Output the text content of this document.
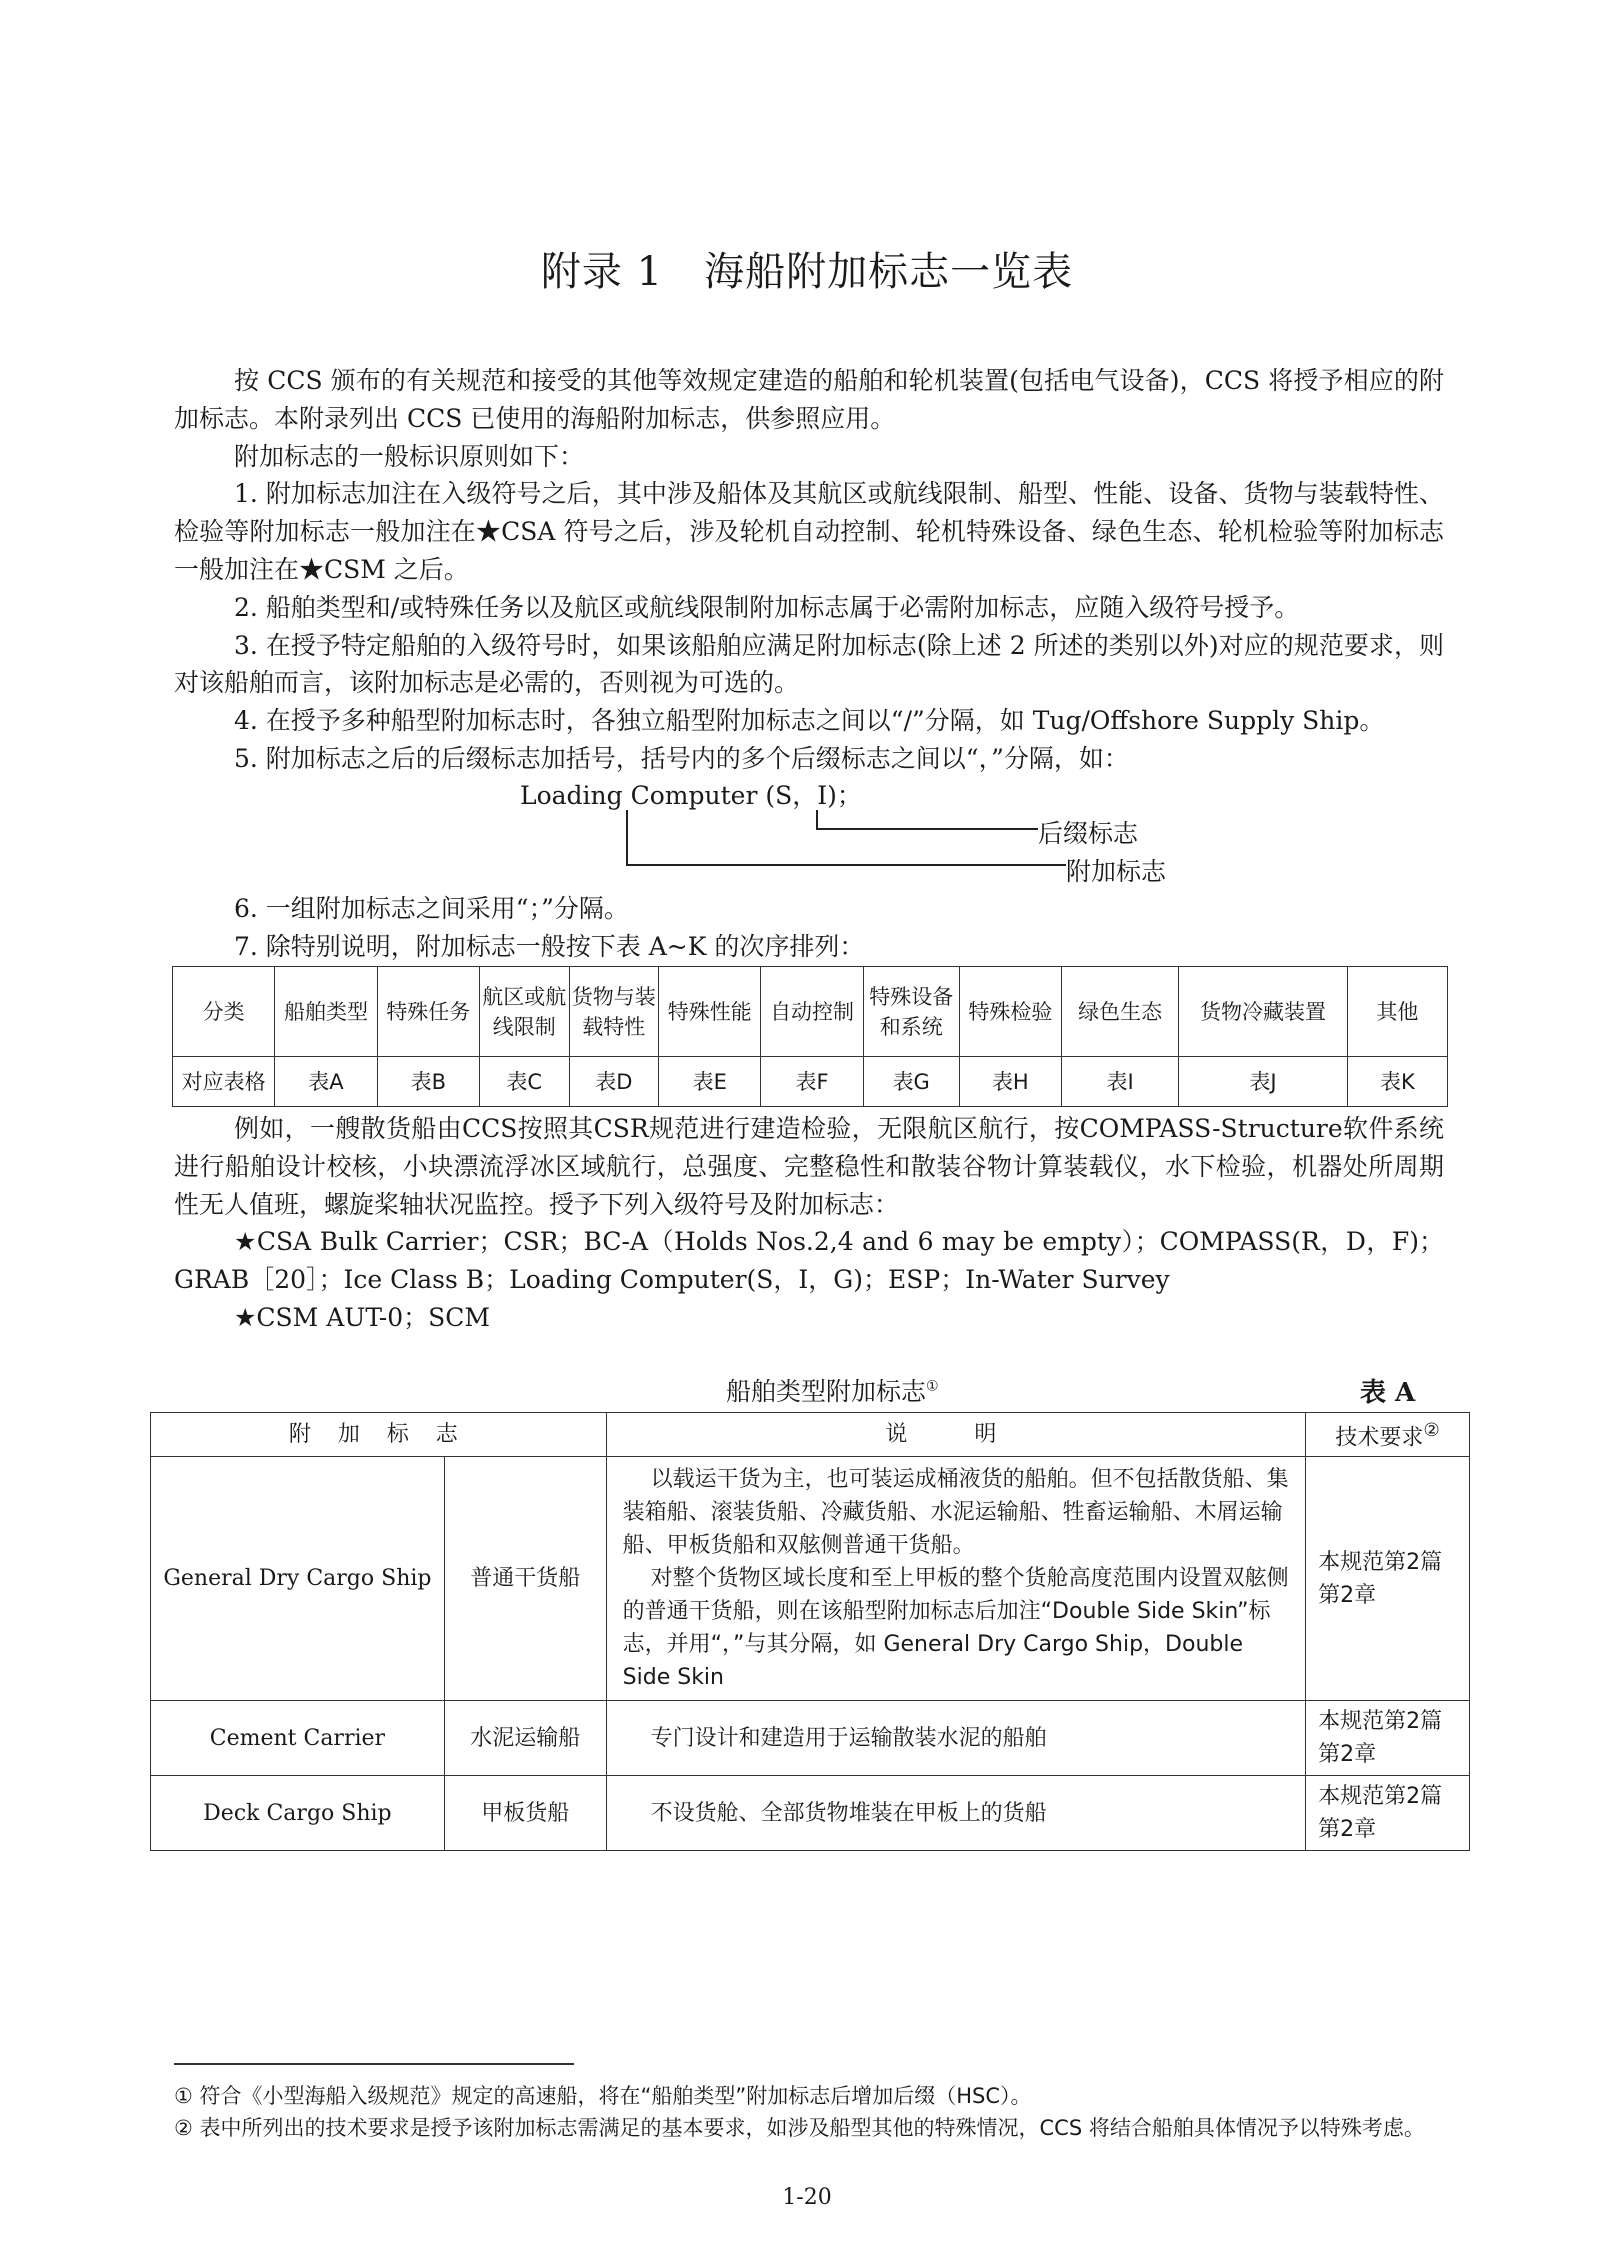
附录 1　海船附加标志一览表

按 CCS 颁布的有关规范和接受的其他等效规定建造的船舶和轮机装置(包括电气设备)，CCS 将授予相应的附加标志。本附录列出 CCS 已使用的海船附加标志，供参照应用。

附加标志的一般标识原则如下：

1. 附加标志加注在入级符号之后，其中涉及船体及其航区或航线限制、船型、性能、设备、货物与装载特性、检验等附加标志一般加注在★CSA 符号之后，涉及轮机自动控制、轮机特殊设备、绿色生态、轮机检验等附加标志一般加注在★CSM 之后。

2. 船舶类型和/或特殊任务以及航区或航线限制附加标志属于必需附加标志，应随入级符号授予。

3. 在授予特定船舶的入级符号时，如果该船舶应满足附加标志(除上述 2 所述的类别以外)对应的规范要求，则对该船舶而言，该附加标志是必需的，否则视为可选的。

4. 在授予多种船型附加标志时，各独立船型附加标志之间以“/”分隔，如 Tug/Offshore Supply Ship。

5. 附加标志之后的后缀标志加括号，括号内的多个后缀标志之间以“，”分隔，如：

Loading Computer (S，I)；
后缀标志
附加标志

6. 一组附加标志之间采用“；”分隔。

7. 除特别说明，附加标志一般按下表 A~K 的次序排列：

分类	船舶类型	特殊任务	航区或航线限制	货物与装载特性	特殊性能	自动控制	特殊设备和系统	特殊检验	绿色生态	货物冷藏装置	其他
对应表格	表A	表B	表C	表D	表E	表F	表G	表H	表I	表J	表K

例如，一艘散货船由CCS按照其CSR规范进行建造检验，无限航区航行，按COMPASS-Structure软件系统进行船舶设计校核，小块漂流浮冰区域航行，总强度、完整稳性和散装谷物计算装载仪，水下检验，机器处所周期性无人值班，螺旋桨轴状况监控。授予下列入级符号及附加标志：

★CSA Bulk Carrier；CSR；BC-A（Holds Nos.2,4 and 6 may be empty）；COMPASS(R，D，F)；GRAB［20］；Ice Class B；Loading Computer(S，I，G)；ESP；In-Water Survey

★CSM AUT-0；SCM

船舶类型附加标志①	表 A
附 加 标 志		说 明	技术要求②
General Dry Cargo Ship	普通干货船	以载运干货为主，也可装运成桶液货的船舶。但不包括散货船、集装箱船、滚装货船、冷藏货船、水泥运输船、牲畜运输船、木屑运输船、甲板货船和双舷侧普通干货船。
对整个货物区域长度和至上甲板的整个货舱高度范围内设置双舷侧的普通干货船，则在该船型附加标志后加注“Double Side Skin”标志，并用“，”与其分隔，如 General Dry Cargo Ship，Double Side Skin	本规范第2篇第2章
Cement Carrier	水泥运输船	专门设计和建造用于运输散装水泥的船舶	本规范第2篇第2章
Deck Cargo Ship	甲板货船	不设货舱、全部货物堆装在甲板上的货船	本规范第2篇第2章
① 符合《小型海船入级规范》规定的高速船，将在“船舶类型”附加标志后增加后缀（HSC）。
② 表中所列出的技术要求是授予该附加标志需满足的基本要求，如涉及船型其他的特殊情况，CCS 将结合船舶具体情况予以特殊考虑。
1-20
